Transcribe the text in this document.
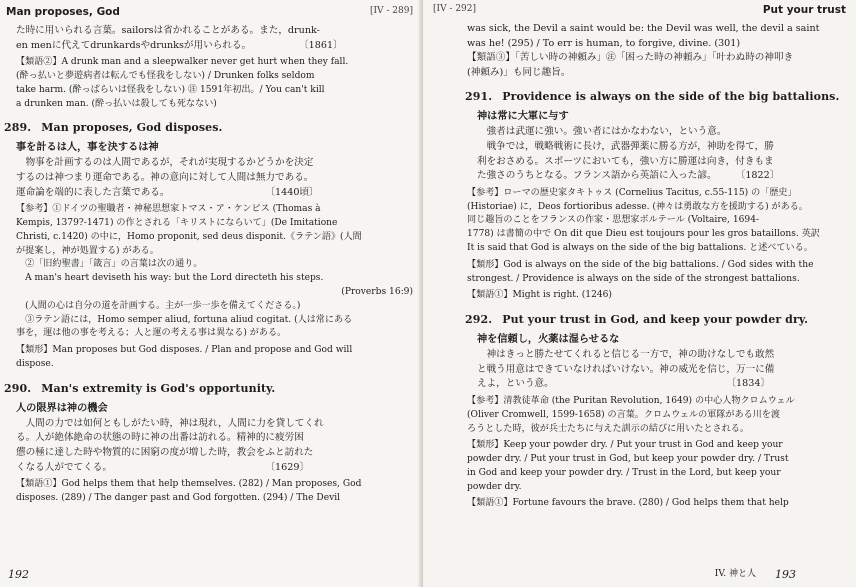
Man proposes, God	[IV - 289]

た時に用いられる言葉。sailorsは省かれることがある。また，drunk-

en menに代えてdrunkardsやdrunksが用いられる。　　　　　　〔1861〕

【類語②】A drunk man and a sleepwalker never get hurt when they fall.

(酔っ払いと夢遊病者は転んでも怪我をしない) / Drunken folks seldom

take harm. (酔っぱらいは怪我をしない) ㊟ 1591年初出。/ You can't kill

a drunken man. (酔っ払いは殺しても死なない)

289. Man proposes, God disposes.
事を計るは人，事を決するは神

物事を計画するのは人間であるが，それが実現するかどうかを決定

するのは神つまり運命である。神の意向に対して人間は無力である。

運命論を端的に表した言葉である。　　　　　　　　　　　〔1440頃〕

【参考】①ドイツの聖職者・神秘思想家トマス・ア・ケンピス (Thomas à

Kempis, 1379?-1471) の作とされる「キリストにならいて」(De Imitatione

Christi, c.1420) の中に，Homo proponit, sed deus disponit.《ラテン語》(人間

が提案し，神が処置する) がある。

②「旧約聖書」「箴言」の言葉は次の通り。

A man's heart deviseth his way: but the Lord directeth his steps.

(Proverbs 16:9)

(人間の心は自分の道を計画する。主が一歩一歩を備えてくださる。)

③ラテン語には，Homo semper aliud, fortuna aliud cogitat. (人は常にある

事を，運は他の事を考える；人と運の考える事は異なる) がある。

【類形】Man proposes but God disposes. / Plan and propose and God will

dispose.

290. Man's extremity is God's opportunity.
人の限界は神の機会

人間の力では如何ともしがたい時，神は現れ，人間に力を貸してくれ

る。人が絶体絶命の状態の時に神の出番は訪れる。精神的に疲労困

憊の極に達した時や物質的に困窮の度が増した時，教会をふと訪れた

くなる人がでてくる。　　　　　　　　　　　　　　　　　〔1629〕

【類語①】God helps them that help themselves. (282) / Man proposes, God

disposes. (289) / The danger past and God forgotten. (294) / The Devil

192
[IV - 292]	Put your trust

was sick, the Devil a saint would be: the Devil was well, the devil a saint

was he! (295) / To err is human, to forgive, divine. (301)

【類語③】「苦しい時の神頼み」㊟「困った時の神頼み」「叶わぬ時の神叩き

(神頼み)」も同じ趣旨。

291. Providence is always on the side of the big battalions.
神は常に大軍に与す

強者は武運に強い。強い者にはかなわない，という意。

戦争では，戦略戦術に長け，武器弾薬に勝る方が，神助を得て，勝

利をおさめる。スポーツにおいても，強い方に勝運は向き，付きもま

た強さのうちとなる。フランス語から英語に入った諺。　　　〔1822〕

【参考】ローマの歴史家タキトゥス (Cornelius Tacitus, c.55-115) の「歴史」

(Historiae) に，Deos fortioribus adesse. (神々は勇敢な方を援助する) がある。

同じ趣旨のことをフランスの作家・思想家ボルテール (Voltaire, 1694-

1778) は書簡の中で On dit que Dieu est toujours pour les gros bataillons. 英訳

It is said that God is always on the side of the big battalions. と述べている。

【類形】God is always on the side of the big battalions. / God sides with the

strongest. / Providence is always on the side of the strongest battalions.

【類語①】Might is right. (1246)

292. Put your trust in God, and keep your powder dry.
神を信頼し，火薬は湿らせるな

神はきっと勝たせてくれると信じる一方で，神の助けなしでも敢然

と戦う用意はできていなければいけない。神の威光を信じ，万一に備

えよ，という意。　　　　　　　　　　　　　　　　　　　〔1834〕

【参考】清教徒革命 (the Puritan Revolution, 1649) の中心人物クロムウェル

(Oliver Cromwell, 1599-1658) の言葉。クロムウェルの軍隊がある川を渡

ろうとした時，彼が兵士たちに与えた訓示の結びに用いたとされる。

【類形】Keep your powder dry. / Put your trust in God and keep your

powder dry. / Put your trust in God, but keep your powder dry. / Trust

in God and keep your powder dry. / Trust in the Lord, but keep your

powder dry.

【類語①】Fortune favours the brave. (280) / God helps them that help

IV. 神と人 193
